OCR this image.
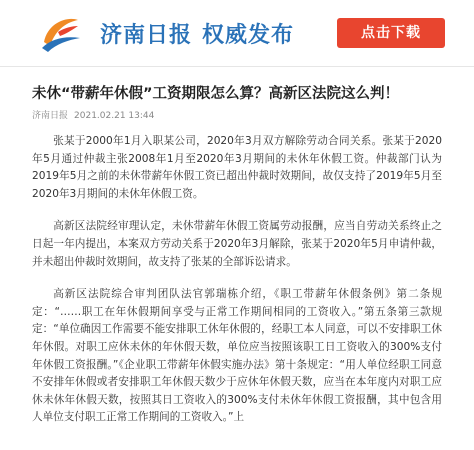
济南日报 权威发布	点击下载
未休“带薪年休假”工资期限怎么算？高新区法院这么判！
济南日报 2021.02.21 13:44

张某于2000年1月入职某公司，2020年3月双方解除劳动合同关系。张某于2020年5月通过仲裁主张2008年1月至2020年3月期间的未休年休假工资。仲裁部门认为2019年5月之前的未休带薪年休假工资已超出仲裁时效期间，故仅支持了2019年5月至2020年3月期间的未休年休假工资。

高新区法院经审理认定，未休带薪年休假工资属劳动报酬，应当自劳动关系终止之日起一年内提出，本案双方劳动关系于2020年3月解除，张某于2020年5月申请仲裁，并未超出仲裁时效期间，故支持了张某的全部诉讼请求。

高新区法院综合审判团队法官郭瑞栋介绍，《职工带薪年休假条例》第二条规定：“……职工在年休假期间享受与正常工作期间相同的工资收入。”第五条第三款规定：“单位确因工作需要不能安排职工休年休假的，经职工本人同意，可以不安排职工休年休假。对职工应休未休的年休假天数，单位应当按照该职工日工资收入的300%支付年休假工资报酬。”《企业职工带薪年休假实施办法》第十条规定：“用人单位经职工同意不安排年休假或者安排职工年休假天数少于应休年休假天数，应当在本年度内对职工应休未休年休假天数，按照其日工资收入的300%支付未休年休假工资报酬，其中包含用人单位支付职工正常工作期间的工资收入。”上
